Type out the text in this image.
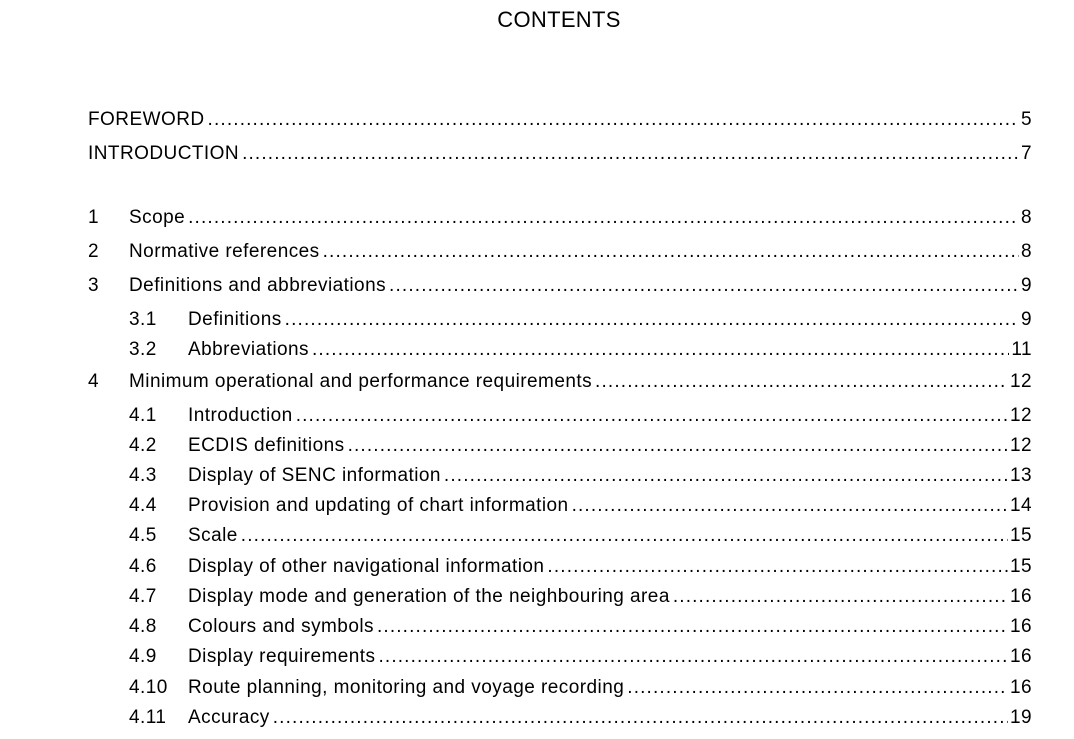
CONTENTS
FOREWORD .....	5
INTRODUCTION .....	7
1	Scope .....	8
2	Normative references .....	8
3	Definitions and abbreviations .....	9
3.1	Definitions .....	9
3.2	Abbreviations .....	11
4	Minimum operational and performance requirements .....	12
4.1	Introduction .....	12
4.2	ECDIS definitions .....	12
4.3	Display of SENC information .....	13
4.4	Provision and updating of chart information .....	14
4.5	Scale .....	15
4.6	Display of other navigational information .....	15
4.7	Display mode and generation of the neighbouring area .....	16
4.8	Colours and symbols .....	16
4.9	Display requirements .....	16
4.10	Route planning, monitoring and voyage recording .....	16
4.11	Accuracy .....	19
